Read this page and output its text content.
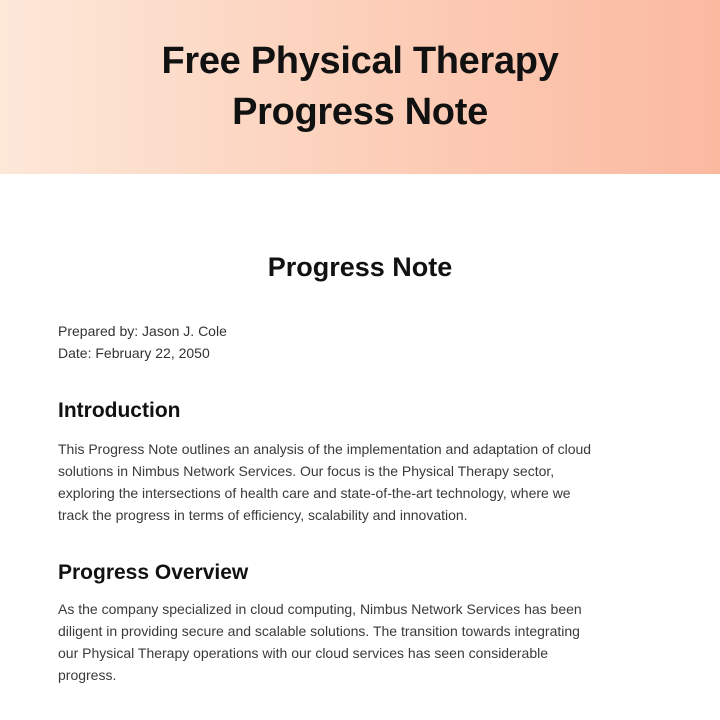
Free Physical Therapy
Progress Note
Progress Note
Prepared by: Jason J. Cole
Date: February 22, 2050
Introduction

This Progress Note outlines an analysis of the implementation and adaptation of cloud
solutions in Nimbus Network Services. Our focus is the Physical Therapy sector,
exploring the intersections of health care and state-of-the-art technology, where we
track the progress in terms of efficiency, scalability and innovation.

Progress Overview

As the company specialized in cloud computing, Nimbus Network Services has been
diligent in providing secure and scalable solutions. The transition towards integrating
our Physical Therapy operations with our cloud services has seen considerable
progress.
